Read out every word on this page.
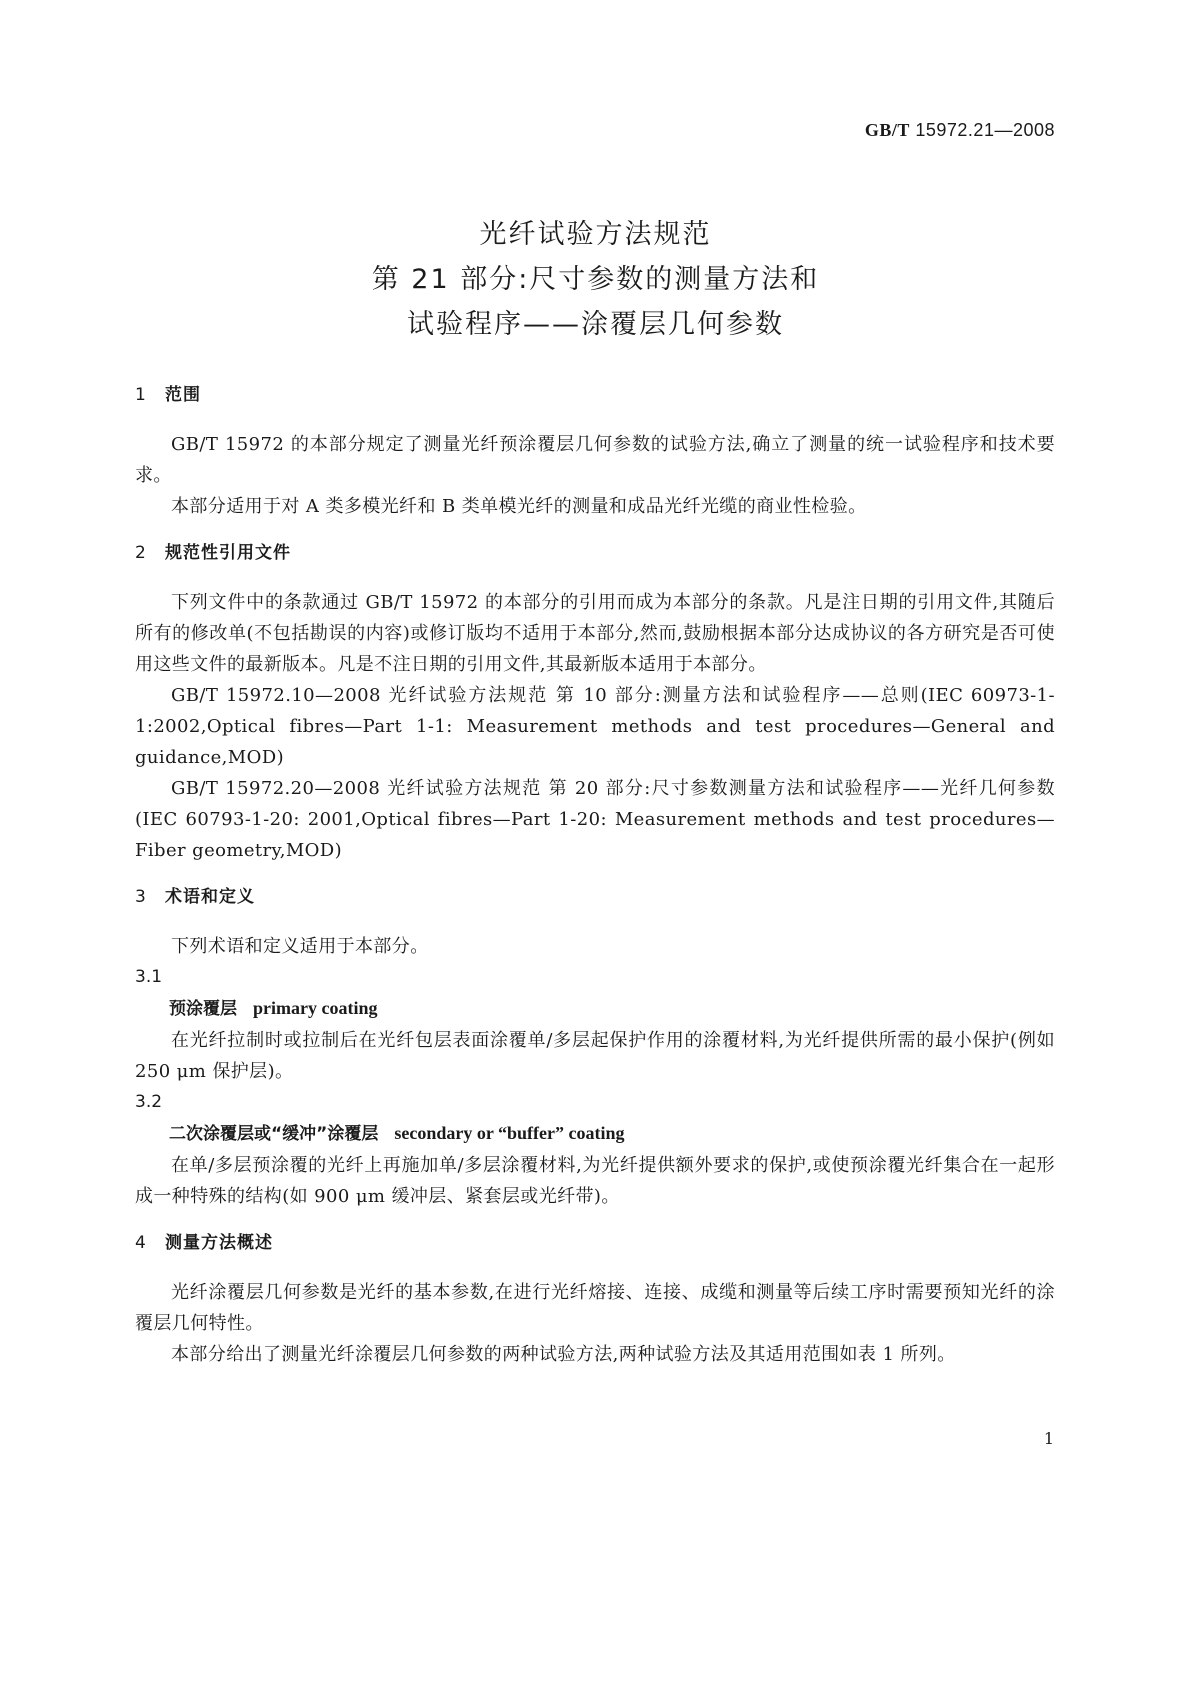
GB/T 15972.21—2008
光纤试验方法规范
第 21 部分:尺寸参数的测量方法和
试验程序——涂覆层几何参数
1 范围

GB/T 15972 的本部分规定了测量光纤预涂覆层几何参数的试验方法,确立了测量的统一试验程序和技术要求。

本部分适用于对 A 类多模光纤和 B 类单模光纤的测量和成品光纤光缆的商业性检验。

2 规范性引用文件

下列文件中的条款通过 GB/T 15972 的本部分的引用而成为本部分的条款。凡是注日期的引用文件,其随后所有的修改单(不包括勘误的内容)或修订版均不适用于本部分,然而,鼓励根据本部分达成协议的各方研究是否可使用这些文件的最新版本。凡是不注日期的引用文件,其最新版本适用于本部分。

GB/T 15972.10—2008 光纤试验方法规范 第 10 部分:测量方法和试验程序——总则(IEC 60973-1-1:2002,Optical fibres—Part 1-1: Measurement methods and test procedures—General and guidance,MOD)

GB/T 15972.20—2008 光纤试验方法规范 第 20 部分:尺寸参数测量方法和试验程序——光纤几何参数(IEC 60793-1-20: 2001,Optical fibres—Part 1-20: Measurement methods and test procedures—Fiber geometry,MOD)

3 术语和定义

下列术语和定义适用于本部分。

3.1

预涂覆层 primary coating

在光纤拉制时或拉制后在光纤包层表面涂覆单/多层起保护作用的涂覆材料,为光纤提供所需的最小保护(例如 250 μm 保护层)。

3.2

二次涂覆层或“缓冲”涂覆层 secondary or “buffer” coating

在单/多层预涂覆的光纤上再施加单/多层涂覆材料,为光纤提供额外要求的保护,或使预涂覆光纤集合在一起形成一种特殊的结构(如 900 μm 缓冲层、紧套层或光纤带)。

4 测量方法概述

光纤涂覆层几何参数是光纤的基本参数,在进行光纤熔接、连接、成缆和测量等后续工序时需要预知光纤的涂覆层几何特性。

本部分给出了测量光纤涂覆层几何参数的两种试验方法,两种试验方法及其适用范围如表 1 所列。

1
